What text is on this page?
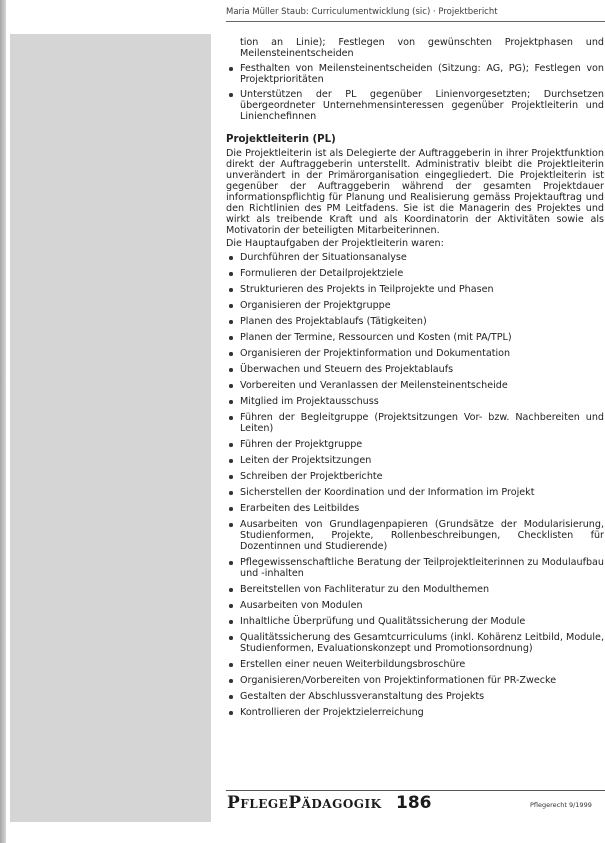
Maria Müller Staub: Curriculumentwicklung (sic) · Projektbericht
tion an Linie); Festlegen von gewünschten Projektphasen und Meilensteinentscheiden
Festhalten von Meilensteinentscheiden (Sitzung: AG, PG); Festlegen von Projektprioritäten
Unterstützen der PL gegenüber Linienvorgesetzten; Durchsetzen übergeordneter Unternehmensinteressen gegenüber Projektleiterin und Linienchefinnen
Projektleiterin (PL)

Die Projektleiterin ist als Delegierte der Auftraggeberin in ihrer Projektfunktion direkt der Auftraggeberin unterstellt. Administrativ bleibt die Projektleiterin unverändert in der Primärorganisation eingegliedert. Die Projektleiterin ist gegenüber der Auftraggeberin während der gesamten Projektdauer informationspflichtig für Planung und Realisierung gemäss Projektauftrag und den Richtlinien des PM Leitfadens. Sie ist die Managerin des Projektes und wirkt als treibende Kraft und als Koordinatorin der Aktivitäten sowie als Motivatorin der beteiligten Mitarbeiterinnen.

Die Hauptaufgaben der Projektleiterin waren:

Durchführen der Situationsanalyse
Formulieren der Detailprojektziele
Strukturieren des Projekts in Teilprojekte und Phasen
Organisieren der Projektgruppe
Planen des Projektablaufs (Tätigkeiten)
Planen der Termine, Ressourcen und Kosten (mit PA/TPL)
Organisieren der Projektinformation und Dokumentation
Überwachen und Steuern des Projektablaufs
Vorbereiten und Veranlassen der Meilensteinentscheide
Mitglied im Projektausschuss
Führen der Begleitgruppe (Projektsitzungen Vor- bzw. Nachbereiten und Leiten)
Führen der Projektgruppe
Leiten der Projektsitzungen
Schreiben der Projektberichte
Sicherstellen der Koordination und der Information im Projekt
Erarbeiten des Leitbildes
Ausarbeiten von Grundlagenpapieren (Grundsätze der Modularisierung, Studienformen, Projekte, Rollenbeschreibungen, Checklisten für Dozentinnen und Studierende)
Pflegewissenschaftliche Beratung der Teilprojektleiterinnen zu Modulaufbau und -inhalten
Bereitstellen von Fachliteratur zu den Modulthemen
Ausarbeiten von Modulen
Inhaltliche Überprüfung und Qualitätssicherung der Module
Qualitätssicherung des Gesamtcurriculums (inkl. Kohärenz Leitbild, Module, Studienformen, Evaluationskonzept und Promotionsordnung)
Erstellen einer neuen Weiterbildungsbroschüre
Organisieren/Vorbereiten von Projektinformationen für PR-Zwecke
Gestalten der Abschlussveranstaltung des Projekts
Kontrollieren der Projektzielerreichung
PflegePädagogik 186	Pflegerecht 9/1999
